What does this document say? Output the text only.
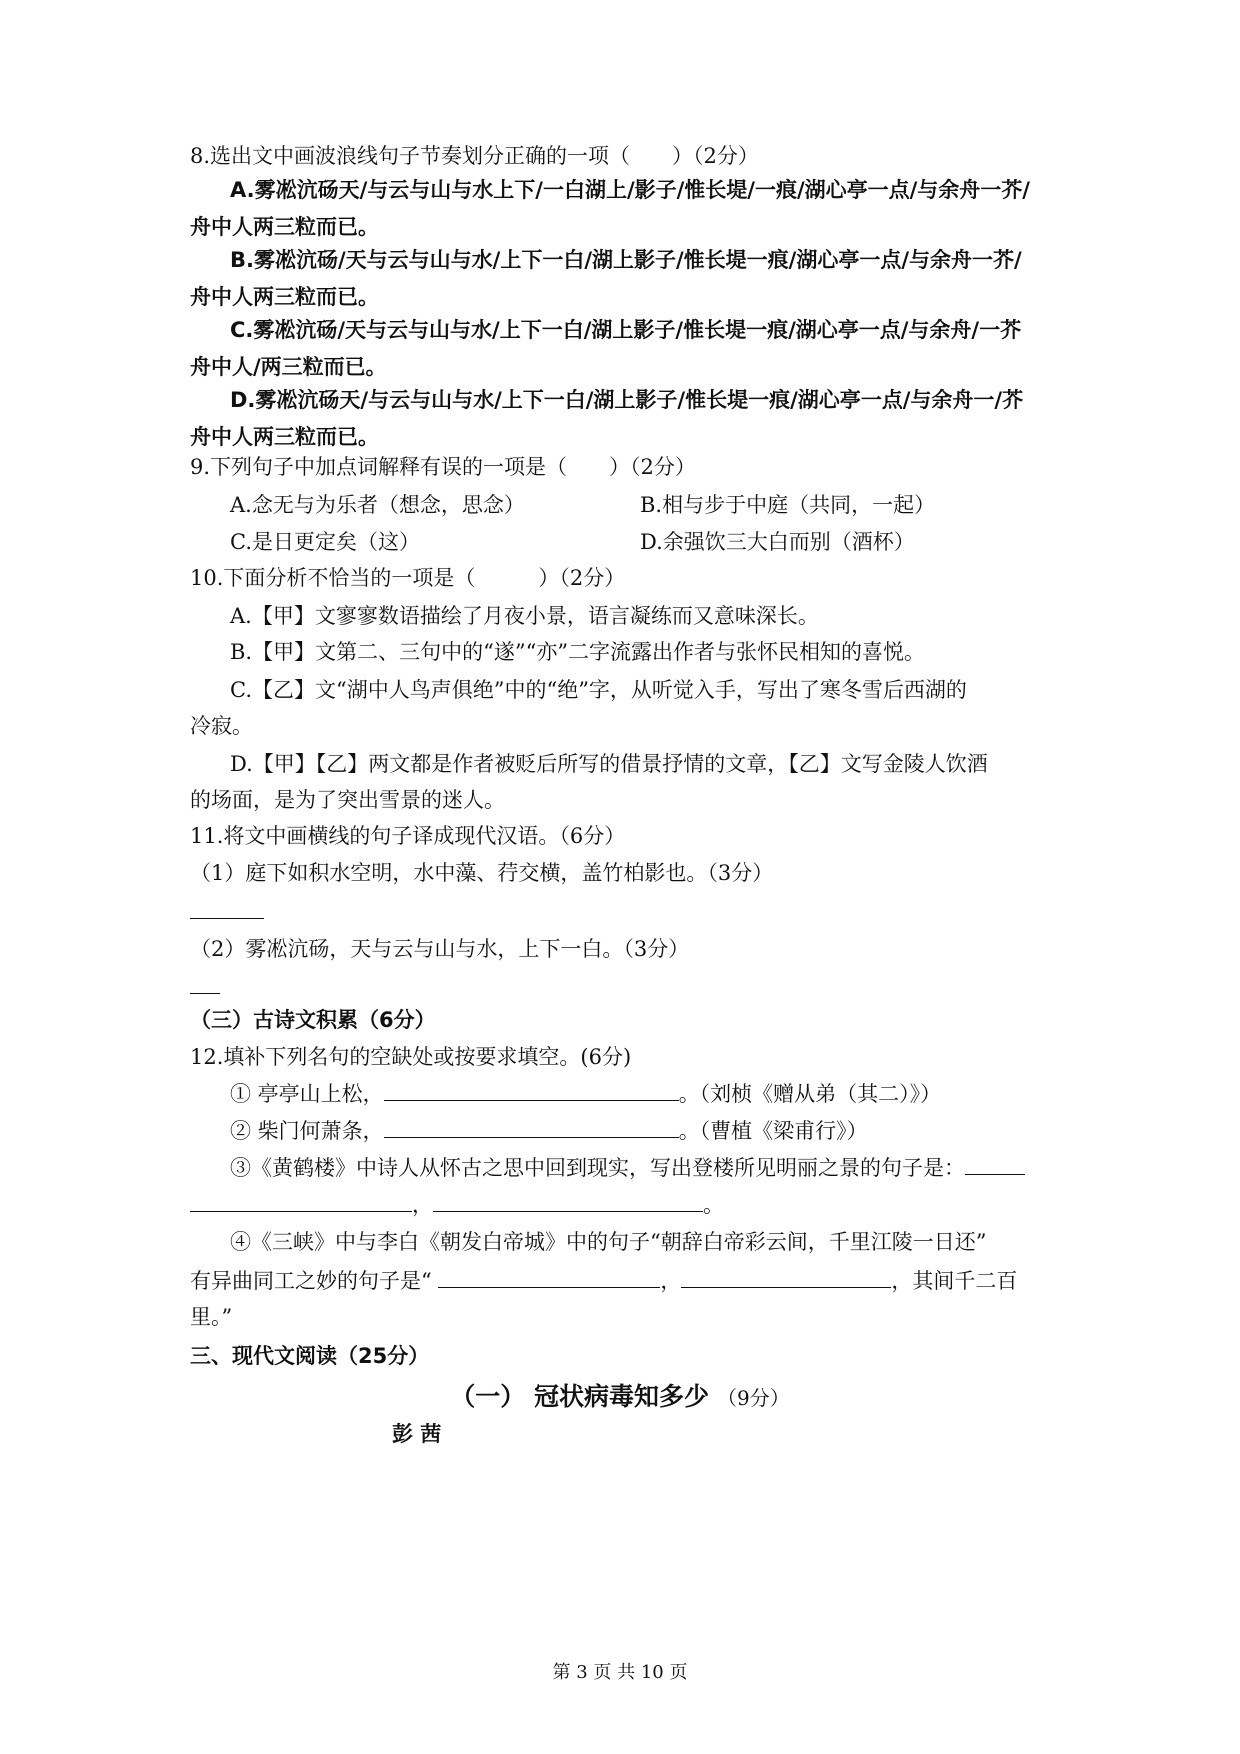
8.选出文中画波浪线句子节奏划分正确的一项（　　）（2分）
A.雾凇沆砀天/与云与山与水上下/一白湖上/影子/惟长堤/一痕/湖心亭一点/与余舟一芥/
舟中人两三粒而已。
B.雾凇沆砀/天与云与山与水/上下一白/湖上影子/惟长堤一痕/湖心亭一点/与余舟一芥/
舟中人两三粒而已。
C.雾凇沆砀/天与云与山与水/上下一白/湖上影子/惟长堤一痕/湖心亭一点/与余舟/一芥
舟中人/两三粒而已。
D.雾凇沆砀天/与云与山与水/上下一白/湖上影子/惟长堤一痕/湖心亭一点/与余舟一/芥
舟中人两三粒而已。
9.下列句子中加点词解释有误的一项是（　　）（2分）
A.念无与为乐者（想念，思念）	B.相与步于中庭（共同，一起）
C.是日更定矣（这）	D.余强饮三大白而别（酒杯）
10.下面分析不恰当的一项是（　　　）（2分）
A.【甲】文寥寥数语描绘了月夜小景，语言凝练而又意味深长。
B.【甲】文第二、三句中的“遂”“亦”二字流露出作者与张怀民相知的喜悦。
C.【乙】文“湖中人鸟声俱绝”中的“绝”字，从听觉入手，写出了寒冬雪后西湖的
冷寂。
D.【甲】【乙】两文都是作者被贬后所写的借景抒情的文章，【乙】文写金陵人饮酒
的场面，是为了突出雪景的迷人。
11.将文中画横线的句子译成现代汉语。（6分）
（1）庭下如积水空明，水中藻、荇交横，盖竹柏影也。（3分）
（2）雾凇沆砀，天与云与山与水，上下一白。（3分）
（三）古诗文积累（6分）
12.填补下列名句的空缺处或按要求填空。(6分)
① 亭亭山上松，	。（刘桢《赠从弟（其二）》）
② 柴门何萧条，	。（曹植《梁甫行》）
③《黄鹤楼》中诗人从怀古之思中回到现实，写出登楼所见明丽之景的句子是：
，	。
④《三峡》中与李白《朝发白帝城》中的句子“朝辞白帝彩云间，千里江陵一日还”
有异曲同工之妙的句子是“	，	，其间千二百
里。”
三、现代文阅读（25分）
（一） 冠状病毒知多少 （9分）
彭 茜
第 3 页 共 10 页
